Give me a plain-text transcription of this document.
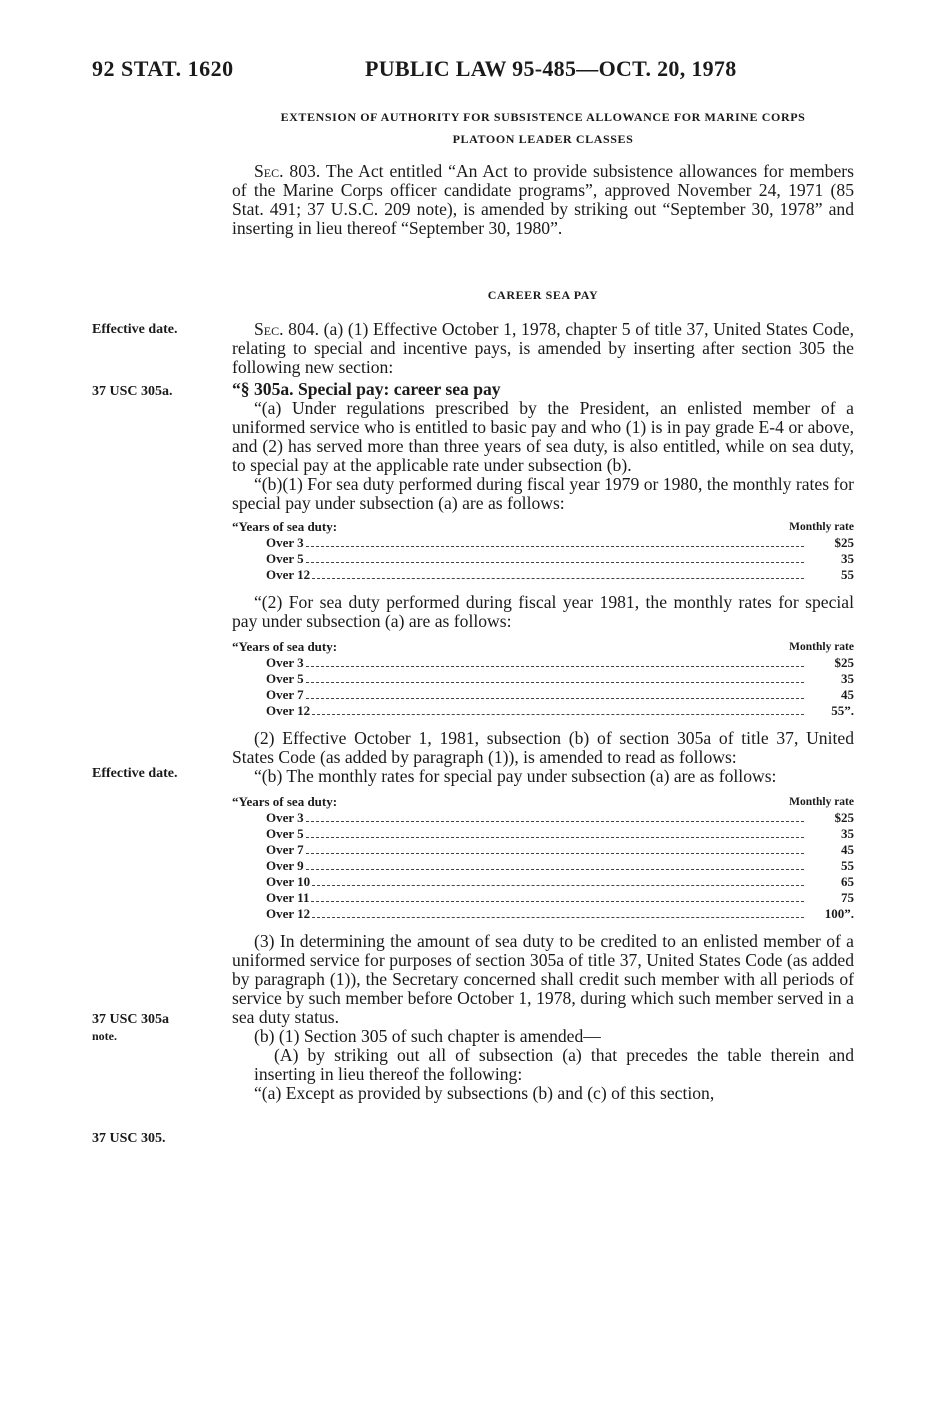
92 STAT. 1620	PUBLIC LAW 95-485—OCT. 20, 1978
EXTENSION OF AUTHORITY FOR SUBSISTENCE ALLOWANCE FOR MARINE CORPS
PLATOON LEADER CLASSES

Sec. 803. The Act entitled “An Act to provide subsistence allowances for members of the Marine Corps officer candidate programs”, approved November 24, 1971 (85 Stat. 491; 37 U.S.C. 209 note), is amended by striking out “September 30, 1978” and inserting in lieu thereof “September 30, 1980”.

CAREER SEA PAY
Effective date.
37 USC 305a.
Effective date.
37 USC 305a
note.
37 USC 305.

Sec. 804. (a) (1) Effective October 1, 1978, chapter 5 of title 37, United States Code, relating to special and incentive pays, is amended by inserting after section 305 the following new section:

“§ 305a. Special pay: career sea pay

“(a) Under regulations prescribed by the President, an enlisted member of a uniformed service who is entitled to basic pay and who (1) is in pay grade E-4 or above, and (2) has served more than three years of sea duty, is also entitled, while on sea duty, to special pay at the applicable rate under subsection (b).

“(b)(1) For sea duty performed during fiscal year 1979 or 1980, the monthly rates for special pay under subsection (a) are as follows:

“Years of sea duty:	Monthly rate
Over 3	$25
Over 5	35
Over 12	55

“(2) For sea duty performed during fiscal year 1981, the monthly rates for special pay under subsection (a) are as follows:

“Years of sea duty:	Monthly rate
Over 3	$25
Over 5	35
Over 7	45
Over 12	55”.

(2) Effective October 1, 1981, subsection (b) of section 305a of title 37, United States Code (as added by paragraph (1)), is amended to read as follows:

“(b) The monthly rates for special pay under subsection (a) are as follows:

“Years of sea duty:	Monthly rate
Over 3	$25
Over 5	35
Over 7	45
Over 9	55
Over 10	65
Over 11	75
Over 12	100”.

(3) In determining the amount of sea duty to be credited to an enlisted member of a uniformed service for purposes of section 305a of title 37, United States Code (as added by paragraph (1)), the Secretary concerned shall credit such member with all periods of service by such member before October 1, 1978, during which such member served in a sea duty status.

(b) (1) Section 305 of such chapter is amended—

(A) by striking out all of subsection (a) that precedes the table therein and inserting in lieu thereof the following:

“(a) Except as provided by subsections (b) and (c) of this section,
